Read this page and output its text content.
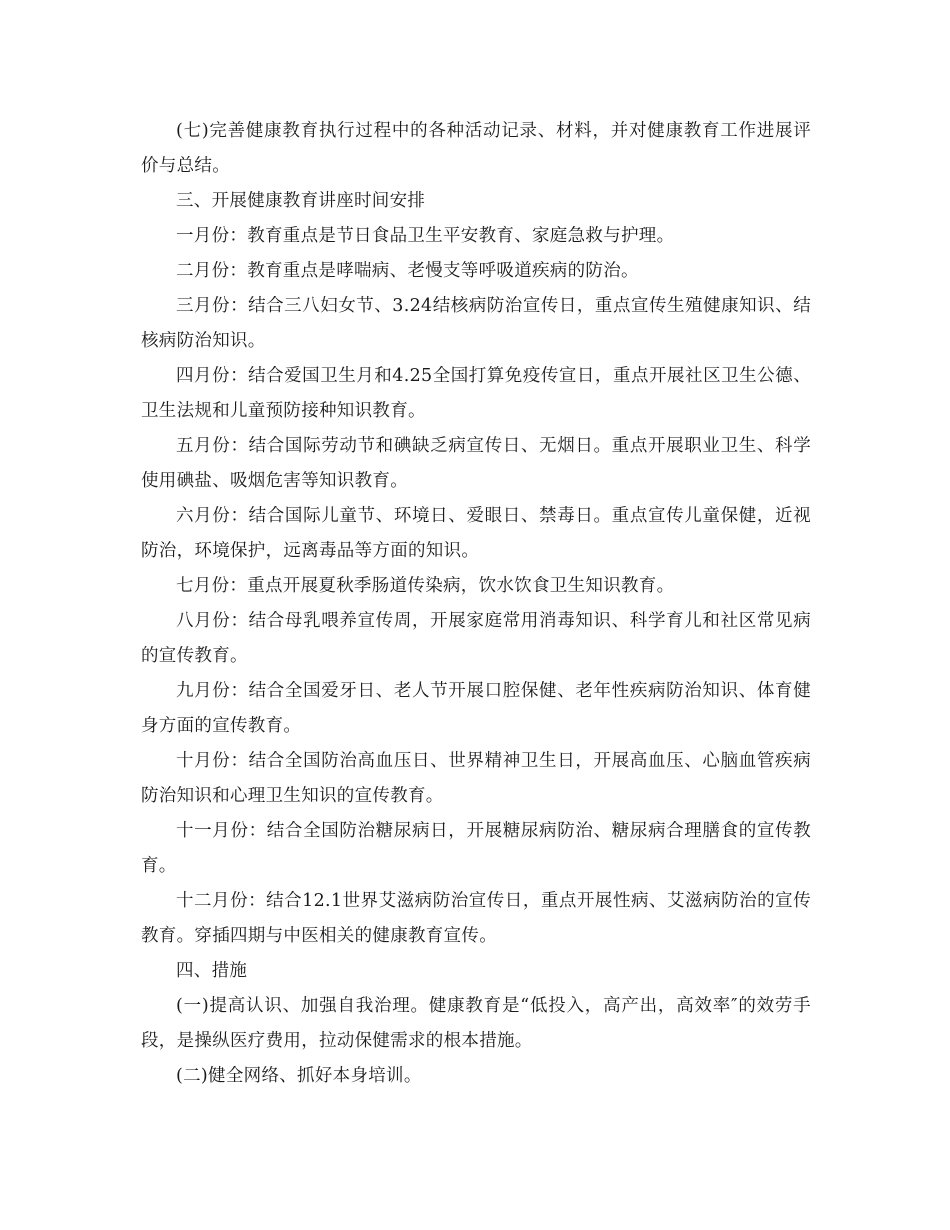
(七)完善健康教育执行过程中的各种活动记录、材料，并对健康教育工作进展评价与总结。

三、开展健康教育讲座时间安排

一月份：教育重点是节日食品卫生平安教育、家庭急救与护理。

二月份：教育重点是哮喘病、老慢支等呼吸道疾病的防治。

三月份：结合三八妇女节、3.24结核病防治宣传日，重点宣传生殖健康知识、结核病防治知识。

四月份：结合爱国卫生月和4.25全国打算免疫传宣日，重点开展社区卫生公德、卫生法规和儿童预防接种知识教育。

五月份：结合国际劳动节和碘缺乏病宣传日、无烟日。重点开展职业卫生、科学使用碘盐、吸烟危害等知识教育。

六月份：结合国际儿童节、环境日、爱眼日、禁毒日。重点宣传儿童保健，近视防治，环境保护，远离毒品等方面的知识。

七月份：重点开展夏秋季肠道传染病，饮水饮食卫生知识教育。

八月份：结合母乳喂养宣传周，开展家庭常用消毒知识、科学育儿和社区常见病的宣传教育。

九月份：结合全国爱牙日、老人节开展口腔保健、老年性疾病防治知识、体育健身方面的宣传教育。

十月份：结合全国防治高血压日、世界精神卫生日，开展高血压、心脑血管疾病防治知识和心理卫生知识的宣传教育。

十一月份：结合全国防治糖尿病日，开展糖尿病防治、糖尿病合理膳食的宣传教育。

十二月份：结合12.1世界艾滋病防治宣传日，重点开展性病、艾滋病防治的宣传教育。穿插四期与中医相关的健康教育宣传。

四、措施

(一)提高认识、加强自我治理。健康教育是“低投入，高产出，高效率″的效劳手段，是操纵医疗费用，拉动保健需求的根本措施。

(二)健全网络、抓好本身培训。
